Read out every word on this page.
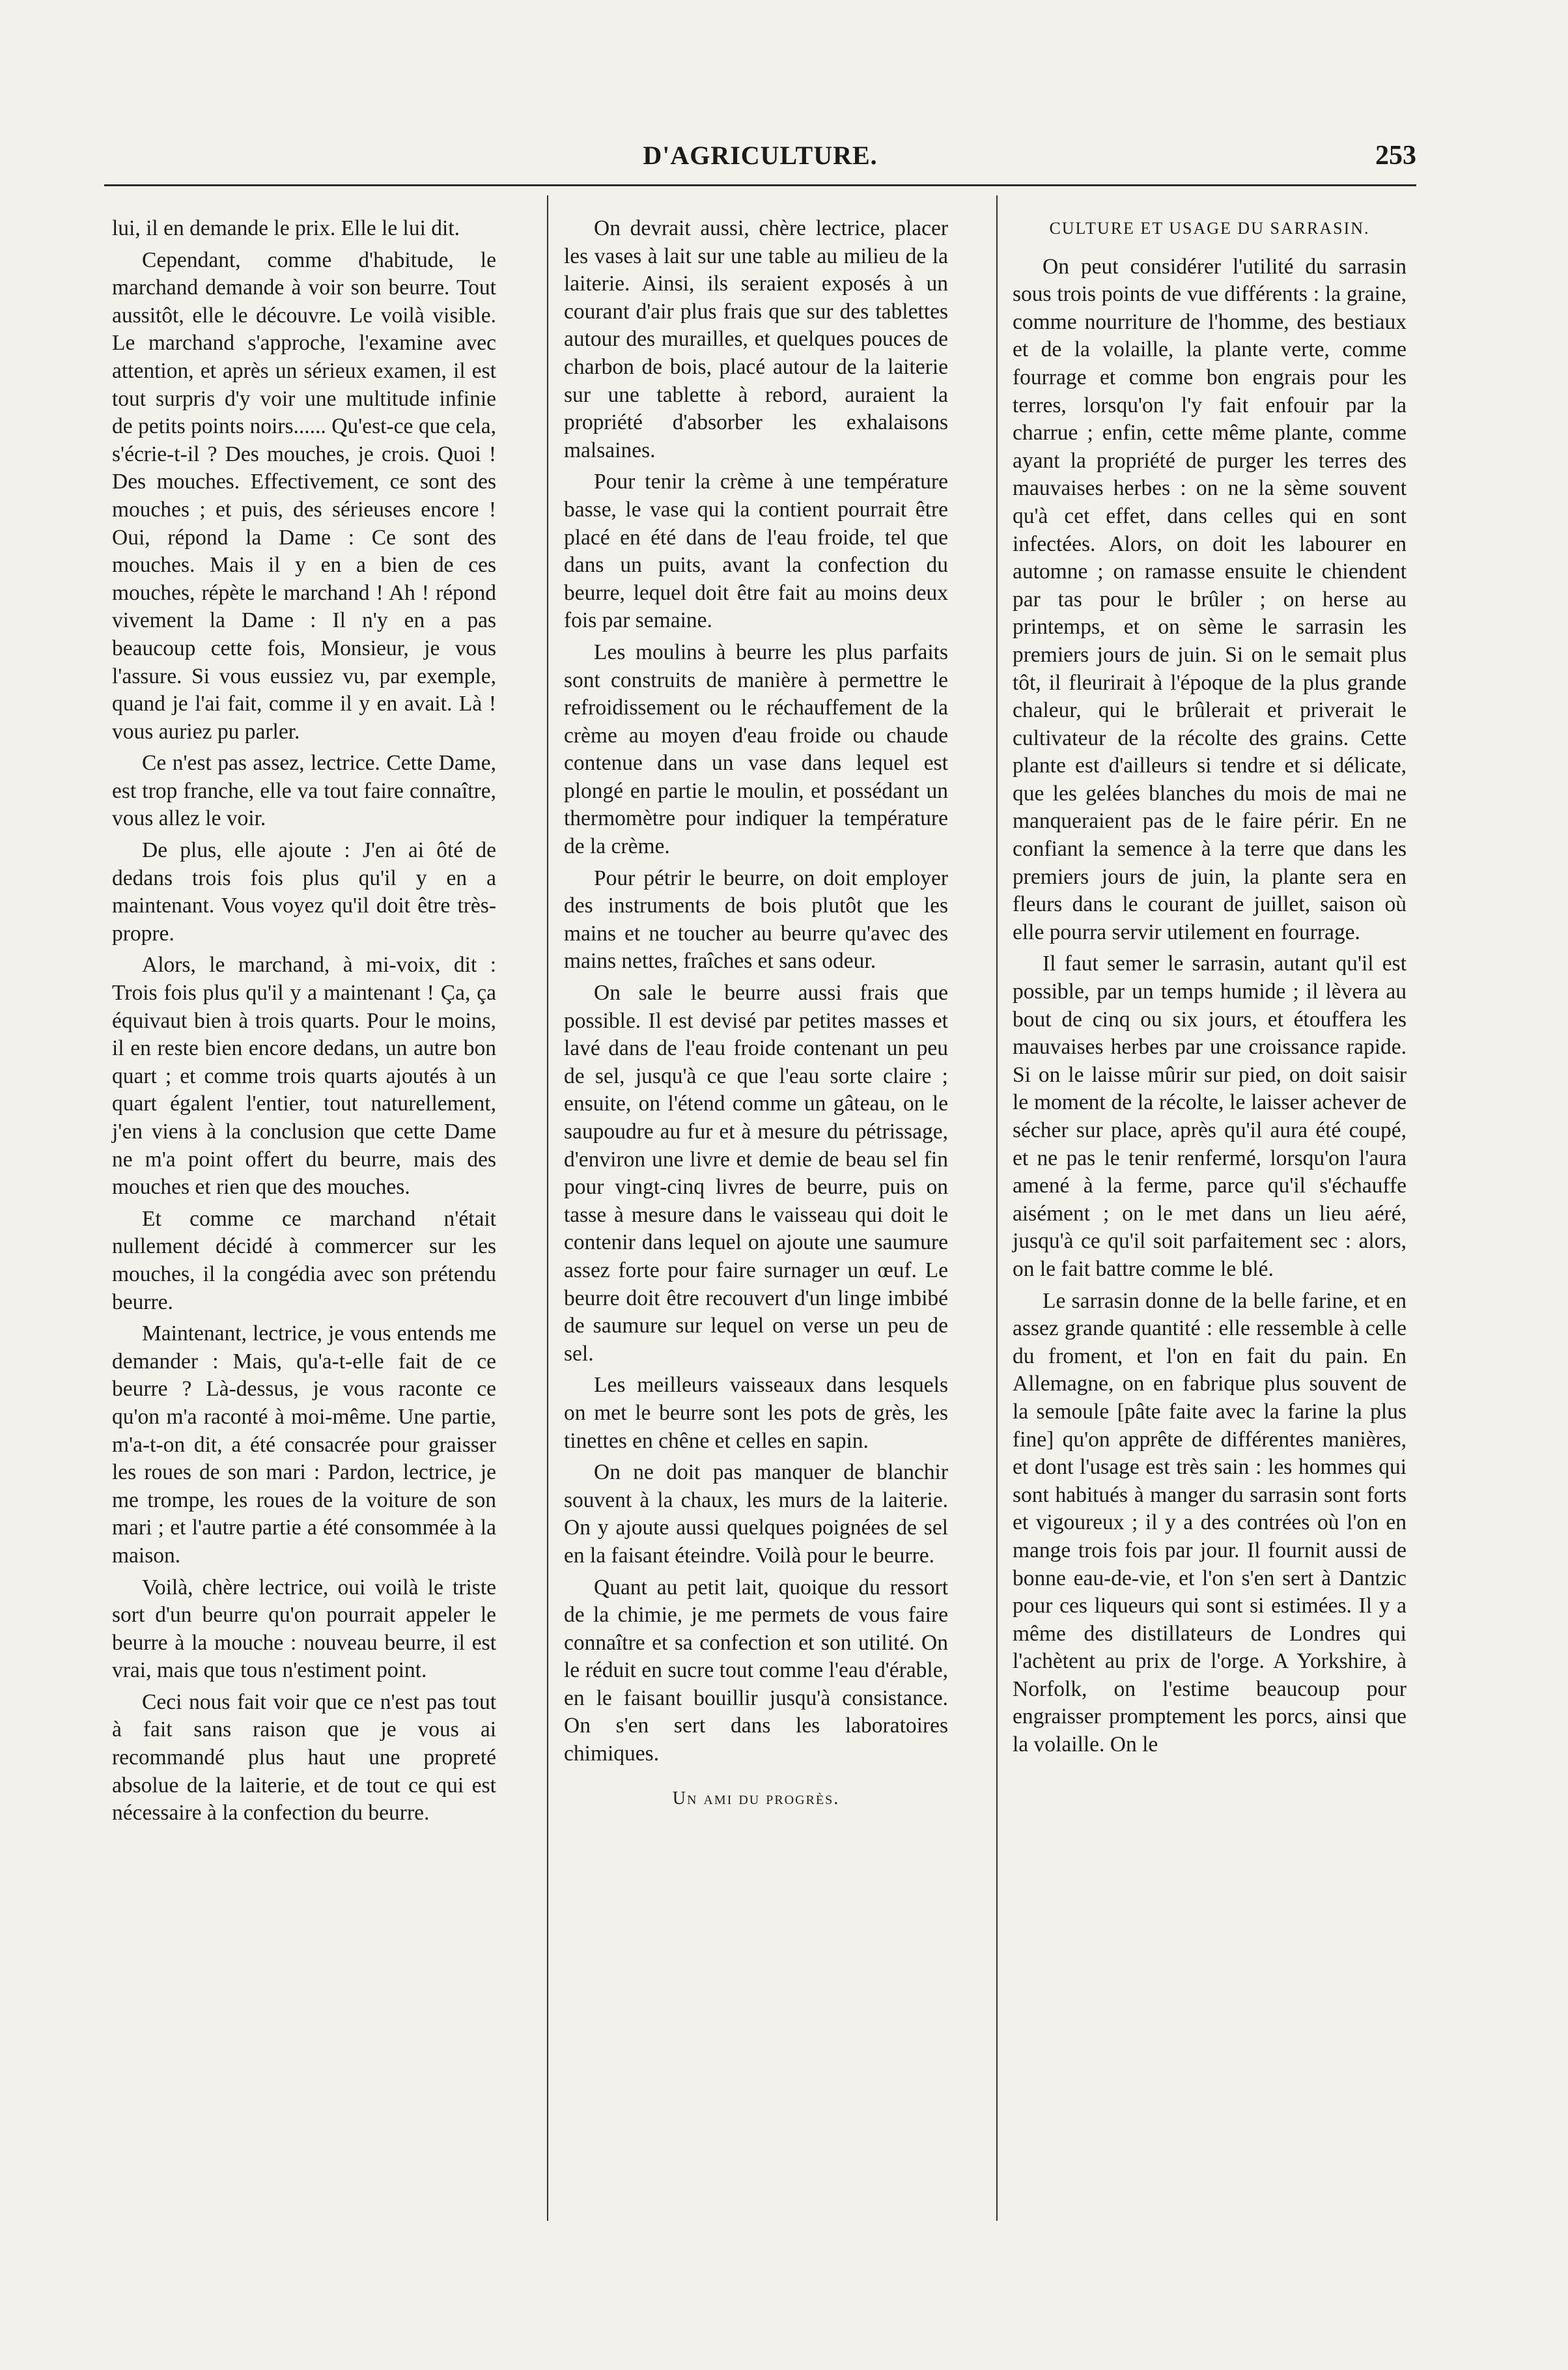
D'AGRICULTURE.	253

lui, il en demande le prix. Elle le lui dit.

Cependant, comme d'habitude, le marchand demande à voir son beurre. Tout aussitôt, elle le découvre. Le voilà visible. Le marchand s'approche, l'examine avec attention, et après un sérieux examen, il est tout surpris d'y voir une multitude infinie de petits points noirs...... Qu'est-ce que cela, s'écrie-t-il ? Des mouches, je crois. Quoi ! Des mouches. Effectivement, ce sont des mouches ; et puis, des sérieuses encore ! Oui, répond la Dame : Ce sont des mouches. Mais il y en a bien de ces mouches, répète le marchand ! Ah ! répond vivement la Dame : Il n'y en a pas beaucoup cette fois, Monsieur, je vous l'assure. Si vous eussiez vu, par exemple, quand je l'ai fait, comme il y en avait. Là ! vous auriez pu parler.

Ce n'est pas assez, lectrice. Cette Dame, est trop franche, elle va tout faire connaître, vous allez le voir.

De plus, elle ajoute : J'en ai ôté de dedans trois fois plus qu'il y en a maintenant. Vous voyez qu'il doit être très-propre.

Alors, le marchand, à mi-voix, dit : Trois fois plus qu'il y a maintenant ! Ça, ça équivaut bien à trois quarts. Pour le moins, il en reste bien encore dedans, un autre bon quart ; et comme trois quarts ajoutés à un quart égalent l'entier, tout naturellement, j'en viens à la conclusion que cette Dame ne m'a point offert du beurre, mais des mouches et rien que des mouches.

Et comme ce marchand n'était nullement décidé à commercer sur les mouches, il la congédia avec son prétendu beurre.

Maintenant, lectrice, je vous entends me demander : Mais, qu'a-t-elle fait de ce beurre ? Là-dessus, je vous raconte ce qu'on m'a raconté à moi-même. Une partie, m'a-t-on dit, a été consacrée pour graisser les roues de son mari : Pardon, lectrice, je me trompe, les roues de la voiture de son mari ; et l'autre partie a été consommée à la maison.

Voilà, chère lectrice, oui voilà le triste sort d'un beurre qu'on pourrait appeler le beurre à la mouche : nouveau beurre, il est vrai, mais que tous n'estiment point.

Ceci nous fait voir que ce n'est pas tout à fait sans raison que je vous ai recommandé plus haut une propreté absolue de la laiterie, et de tout ce qui est nécessaire à la confection du beurre.

On devrait aussi, chère lectrice, placer les vases à lait sur une table au milieu de la laiterie. Ainsi, ils seraient exposés à un courant d'air plus frais que sur des tablettes autour des murailles, et quelques pouces de charbon de bois, placé autour de la laiterie sur une tablette à rebord, auraient la propriété d'absorber les exhalaisons malsaines.

Pour tenir la crème à une température basse, le vase qui la contient pourrait être placé en été dans de l'eau froide, tel que dans un puits, avant la confection du beurre, lequel doit être fait au moins deux fois par semaine.

Les moulins à beurre les plus parfaits sont construits de manière à permettre le refroidissement ou le réchauffement de la crème au moyen d'eau froide ou chaude contenue dans un vase dans lequel est plongé en partie le moulin, et possédant un thermomètre pour indiquer la température de la crème.

Pour pétrir le beurre, on doit employer des instruments de bois plutôt que les mains et ne toucher au beurre qu'avec des mains nettes, fraîches et sans odeur.

On sale le beurre aussi frais que possible. Il est devisé par petites masses et lavé dans de l'eau froide contenant un peu de sel, jusqu'à ce que l'eau sorte claire ; ensuite, on l'étend comme un gâteau, on le saupoudre au fur et à mesure du pétrissage, d'environ une livre et demie de beau sel fin pour vingt-cinq livres de beurre, puis on tasse à mesure dans le vaisseau qui doit le contenir dans lequel on ajoute une saumure assez forte pour faire surnager un œuf. Le beurre doit être recouvert d'un linge imbibé de saumure sur lequel on verse un peu de sel.

Les meilleurs vaisseaux dans lesquels on met le beurre sont les pots de grès, les tinettes en chêne et celles en sapin.

On ne doit pas manquer de blanchir souvent à la chaux, les murs de la laiterie. On y ajoute aussi quelques poignées de sel en la faisant éteindre. Voilà pour le beurre.

Quant au petit lait, quoique du ressort de la chimie, je me permets de vous faire connaître et sa confection et son utilité. On le réduit en sucre tout comme l'eau d'érable, en le faisant bouillir jusqu'à consistance. On s'en sert dans les laboratoires chimiques.

Un ami du progrès.
CULTURE ET USAGE DU SARRASIN.

On peut considérer l'utilité du sarrasin sous trois points de vue différents : la graine, comme nourriture de l'homme, des bestiaux et de la volaille, la plante verte, comme fourrage et comme bon engrais pour les terres, lorsqu'on l'y fait enfouir par la charrue ; enfin, cette même plante, comme ayant la propriété de purger les terres des mauvaises herbes : on ne la sème souvent qu'à cet effet, dans celles qui en sont infectées. Alors, on doit les labourer en automne ; on ramasse ensuite le chiendent par tas pour le brûler ; on herse au printemps, et on sème le sarrasin les premiers jours de juin. Si on le semait plus tôt, il fleurirait à l'époque de la plus grande chaleur, qui le brûlerait et priverait le cultivateur de la récolte des grains. Cette plante est d'ailleurs si tendre et si délicate, que les gelées blanches du mois de mai ne manqueraient pas de le faire périr. En ne confiant la semence à la terre que dans les premiers jours de juin, la plante sera en fleurs dans le courant de juillet, saison où elle pourra servir utilement en fourrage.

Il faut semer le sarrasin, autant qu'il est possible, par un temps humide ; il lèvera au bout de cinq ou six jours, et étouffera les mauvaises herbes par une croissance rapide. Si on le laisse mûrir sur pied, on doit saisir le moment de la récolte, le laisser achever de sécher sur place, après qu'il aura été coupé, et ne pas le tenir renfermé, lorsqu'on l'aura amené à la ferme, parce qu'il s'échauffe aisément ; on le met dans un lieu aéré, jusqu'à ce qu'il soit parfaitement sec : alors, on le fait battre comme le blé.

Le sarrasin donne de la belle farine, et en assez grande quantité : elle ressemble à celle du froment, et l'on en fait du pain. En Allemagne, on en fabrique plus souvent de la semoule [pâte faite avec la farine la plus fine] qu'on apprête de différentes manières, et dont l'usage est très sain : les hommes qui sont habitués à manger du sarrasin sont forts et vigoureux ; il y a des contrées où l'on en mange trois fois par jour. Il fournit aussi de bonne eau-de-vie, et l'on s'en sert à Dantzic pour ces liqueurs qui sont si estimées. Il y a même des distillateurs de Londres qui l'achètent au prix de l'orge. A Yorkshire, à Norfolk, on l'estime beaucoup pour engraisser promptement les porcs, ainsi que la volaille. On le
